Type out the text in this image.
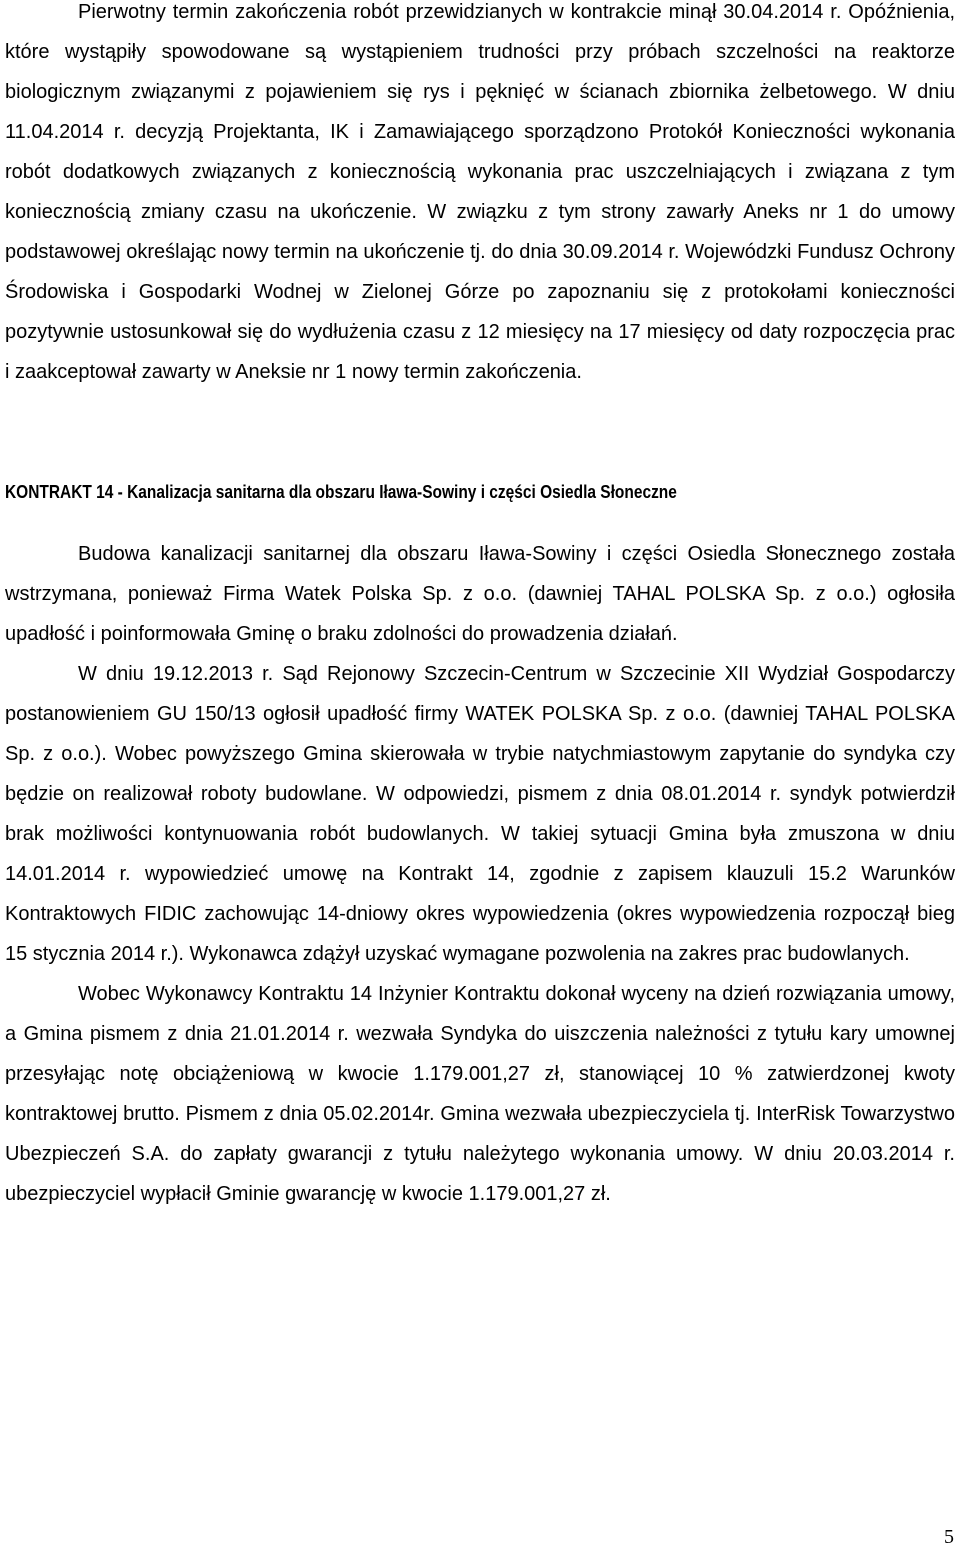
Pierwotny termin zakończenia robót przewidzianych w kontrakcie minął 30.04.2014 r. Opóźnienia, które wystąpiły spowodowane są wystąpieniem trudności przy próbach szczelności na reaktorze biologicznym związanymi z pojawieniem się rys i pęknięć w ścianach zbiornika żelbetowego. W dniu 11.04.2014 r. decyzją Projektanta, IK i Zamawiającego sporządzono Protokół Konieczności wykonania robót dodatkowych związanych z koniecznością wykonania prac uszczelniających i związana z tym koniecznością zmiany czasu na ukończenie. W związku z tym strony zawarły Aneks nr 1 do umowy podstawowej określając nowy termin na ukończenie tj. do dnia 30.09.2014 r. Wojewódzki Fundusz Ochrony Środowiska i Gospodarki Wodnej w Zielonej Górze po zapoznaniu się z protokołami konieczności pozytywnie ustosunkował się do wydłużenia czasu z 12 miesięcy na 17 miesięcy od daty rozpoczęcia prac i zaakceptował zawarty w Aneksie nr 1 nowy termin zakończenia.

KONTRAKT 14 - Kanalizacja sanitarna dla obszaru Iława-Sowiny i części Osiedla Słoneczne

Budowa kanalizacji sanitarnej dla obszaru Iława-Sowiny i części Osiedla Słonecznego została wstrzymana, ponieważ Firma Watek Polska Sp. z o.o. (dawniej TAHAL POLSKA Sp. z o.o.) ogłosiła upadłość i poinformowała Gminę o braku zdolności do prowadzenia działań.

W dniu 19.12.2013 r. Sąd Rejonowy Szczecin-Centrum w Szczecinie XII Wydział Gospodarczy postanowieniem GU 150/13 ogłosił upadłość firmy WATEK POLSKA Sp. z o.o. (dawniej TAHAL POLSKA Sp. z o.o.). Wobec powyższego Gmina skierowała w trybie natychmiastowym zapytanie do syndyka czy będzie on realizował roboty budowlane. W odpowiedzi, pismem z dnia 08.01.2014 r. syndyk potwierdził brak możliwości kontynuowania robót budowlanych. W takiej sytuacji Gmina była zmuszona w dniu 14.01.2014 r. wypowiedzieć umowę na Kontrakt 14, zgodnie z zapisem klauzuli 15.2 Warunków Kontraktowych FIDIC zachowując 14-dniowy okres wypowiedzenia (okres wypowiedzenia rozpoczął bieg 15 stycznia 2014 r.). Wykonawca zdążył uzyskać wymagane pozwolenia na zakres prac budowlanych.

Wobec Wykonawcy Kontraktu 14 Inżynier Kontraktu dokonał wyceny na dzień rozwiązania umowy, a Gmina pismem z dnia 21.01.2014 r. wezwała Syndyka do uiszczenia należności z tytułu kary umownej przesyłając notę obciążeniową w kwocie 1.179.001,27 zł, stanowiącej 10 % zatwierdzonej kwoty kontraktowej brutto. Pismem z dnia 05.02.2014r. Gmina wezwała ubezpieczyciela tj. InterRisk Towarzystwo Ubezpieczeń S.A. do zapłaty gwarancji z tytułu należytego wykonania umowy. W dniu 20.03.2014 r. ubezpieczyciel wypłacił Gminie gwarancję w kwocie 1.179.001,27 zł.

5
